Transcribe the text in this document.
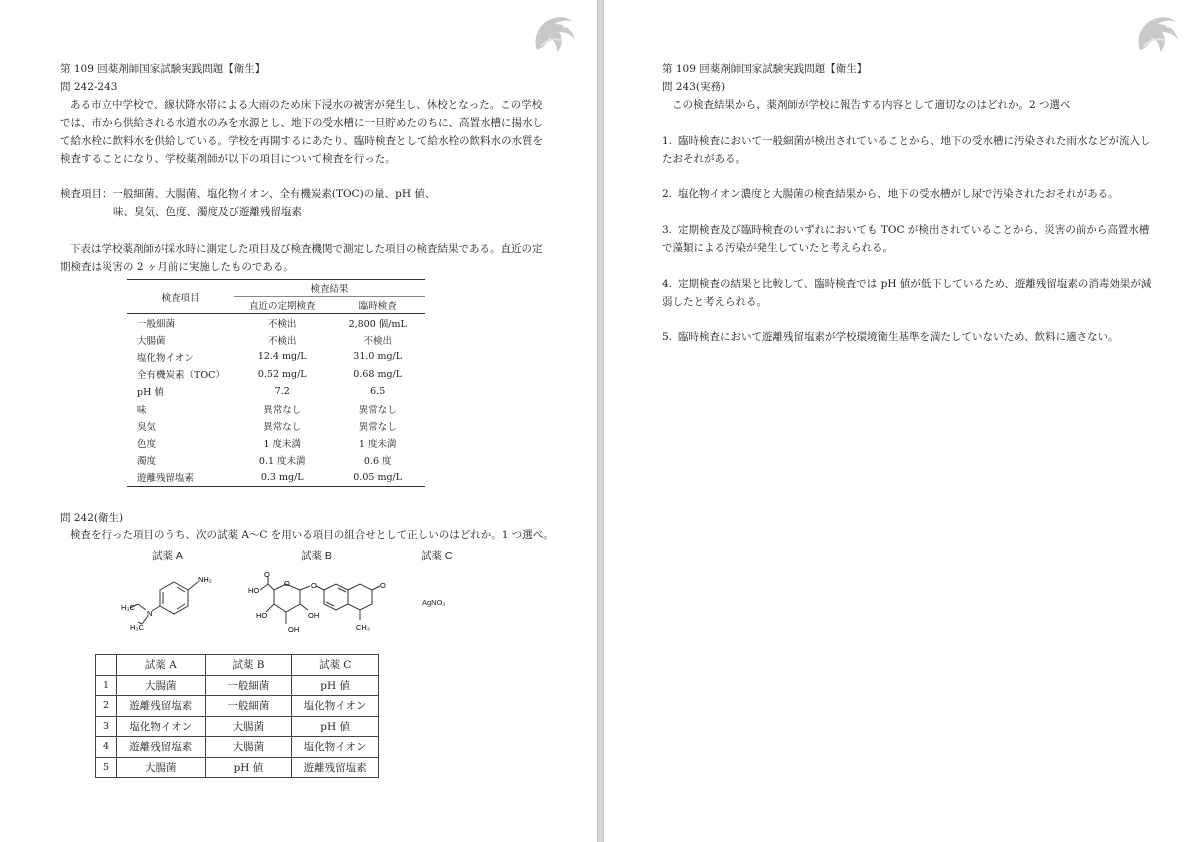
第 109 回薬剤師国家試験実践問題【衛生】
問 242-243
ある市立中学校で、線状降水帯による大雨のため床下浸水の被害が発生し、休校となった。この学校では、市から供給される水道水のみを水源とし、地下の受水槽に一旦貯めたのちに、高置水槽に揚水して給水栓に飲料水を供給している。学校を再開するにあたり、臨時検査として給水栓の飲料水の水質を検査することになり、学校薬剤師が以下の項目について検査を行った。
検査項目：一般細菌、大腸菌、塩化物イオン、全有機炭素(TOC)の量、pH 値、
味、臭気、色度、濁度及び遊離残留塩素
下表は学校薬剤師が採水時に測定した項目及び検査機関で測定した項目の検査結果である。直近の定期検査は災害の 2 ヶ月前に実施したものである。
検査項目	検査結果	
	直近の定期検査	臨時検査
一般細菌	不検出	2,800 個/mL
大腸菌	不検出	不検出
塩化物イオン	12.4 mg/L	31.0 mg/L
全有機炭素（TOC）	0.52 mg/L	0.68 mg/L
pH 値	7.2	6.5
味	異常なし	異常なし
臭気	異常なし	異常なし
色度	1 度未満	1 度未満
濁度	0.1 度未満	0.6 度
遊離残留塩素	0.3 mg/L	0.05 mg/L
問 242(衛生)
検査を行った項目のうち、次の試薬 A〜C を用いる項目の組合せとして正しいのはどれか。1 つ選べ。
試薬 A	試薬 B	試薬 C
NH₂
N
H₃C
H₃C
O
HO
O	O	O
HO	OH
OH	CH₃
AgNO₃
	試薬 A	試薬 B	試薬 C
1	大腸菌	一般細菌	pH 値
2	遊離残留塩素	一般細菌	塩化物イオン
3	塩化物イオン	大腸菌	pH 値
4	遊離残留塩素	大腸菌	塩化物イオン
5	大腸菌	pH 値	遊離残留塩素
第 109 回薬剤師国家試験実践問題【衛生】
問 243(実務)
この検査結果から、薬剤師が学校に報告する内容として適切なのはどれか。2 つ選べ
1. 臨時検査において一般細菌が検出されていることから、地下の受水槽に汚染された雨水などが流入したおそれがある。
2. 塩化物イオン濃度と大腸菌の検査結果から、地下の受水槽がし尿で汚染されたおそれがある。
3. 定期検査及び臨時検査のいずれにおいても TOC が検出されていることから、災害の前から高置水槽で藻類による汚染が発生していたと考えられる。
4. 定期検査の結果と比較して、臨時検査では pH 値が低下しているため、遊離残留塩素の消毒効果が減弱したと考えられる。
5. 臨時検査において遊離残留塩素が学校環境衛生基準を満たしていないため、飲料に適さない。
